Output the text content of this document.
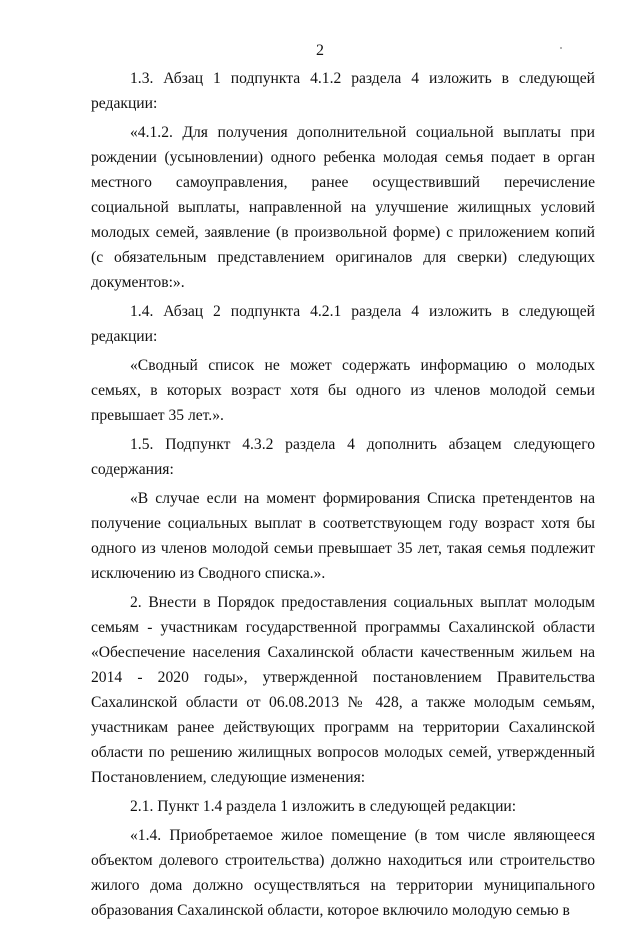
2

1.3. Абзац 1 подпункта 4.1.2 раздела 4 изложить в следующей редакции:

«4.1.2. Для получения дополнительной социальной выплаты при рождении (усыновлении) одного ребенка молодая семья подает в орган местного самоуправления, ранее осуществивший перечисление социальной выплаты, направленной на улучшение жилищных условий молодых семей, заявление (в произвольной форме) с приложением копий (с обязательным представлением оригиналов для сверки) следующих документов:».

1.4. Абзац 2 подпункта 4.2.1 раздела 4 изложить в следующей редакции:

«Сводный список не может содержать информацию о молодых семьях, в которых возраст хотя бы одного из членов молодой семьи превышает 35 лет.».

1.5. Подпункт 4.3.2 раздела 4 дополнить абзацем следующего содержания:

«В случае если на момент формирования Списка претендентов на получение социальных выплат в соответствующем году возраст хотя бы одного из членов молодой семьи превышает 35 лет, такая семья подлежит исключению из Сводного списка.».

2. Внести в Порядок предоставления социальных выплат молодым семьям - участникам государственной программы Сахалинской области «Обеспечение населения Сахалинской области качественным жильем на 2014 - 2020 годы», утвержденной постановлением Правительства Сахалинской области от 06.08.2013 № 428, а также молодым семьям, участникам ранее действующих программ на территории Сахалинской области по решению жилищных вопросов молодых семей, утвержденный Постановлением, следующие изменения:

2.1. Пункт 1.4 раздела 1 изложить в следующей редакции:

«1.4. Приобретаемое жилое помещение (в том числе являющееся объектом долевого строительства) должно находиться или строительство жилого дома должно осуществляться на территории муниципального образования Сахалинской области, которое включило молодую семью в
